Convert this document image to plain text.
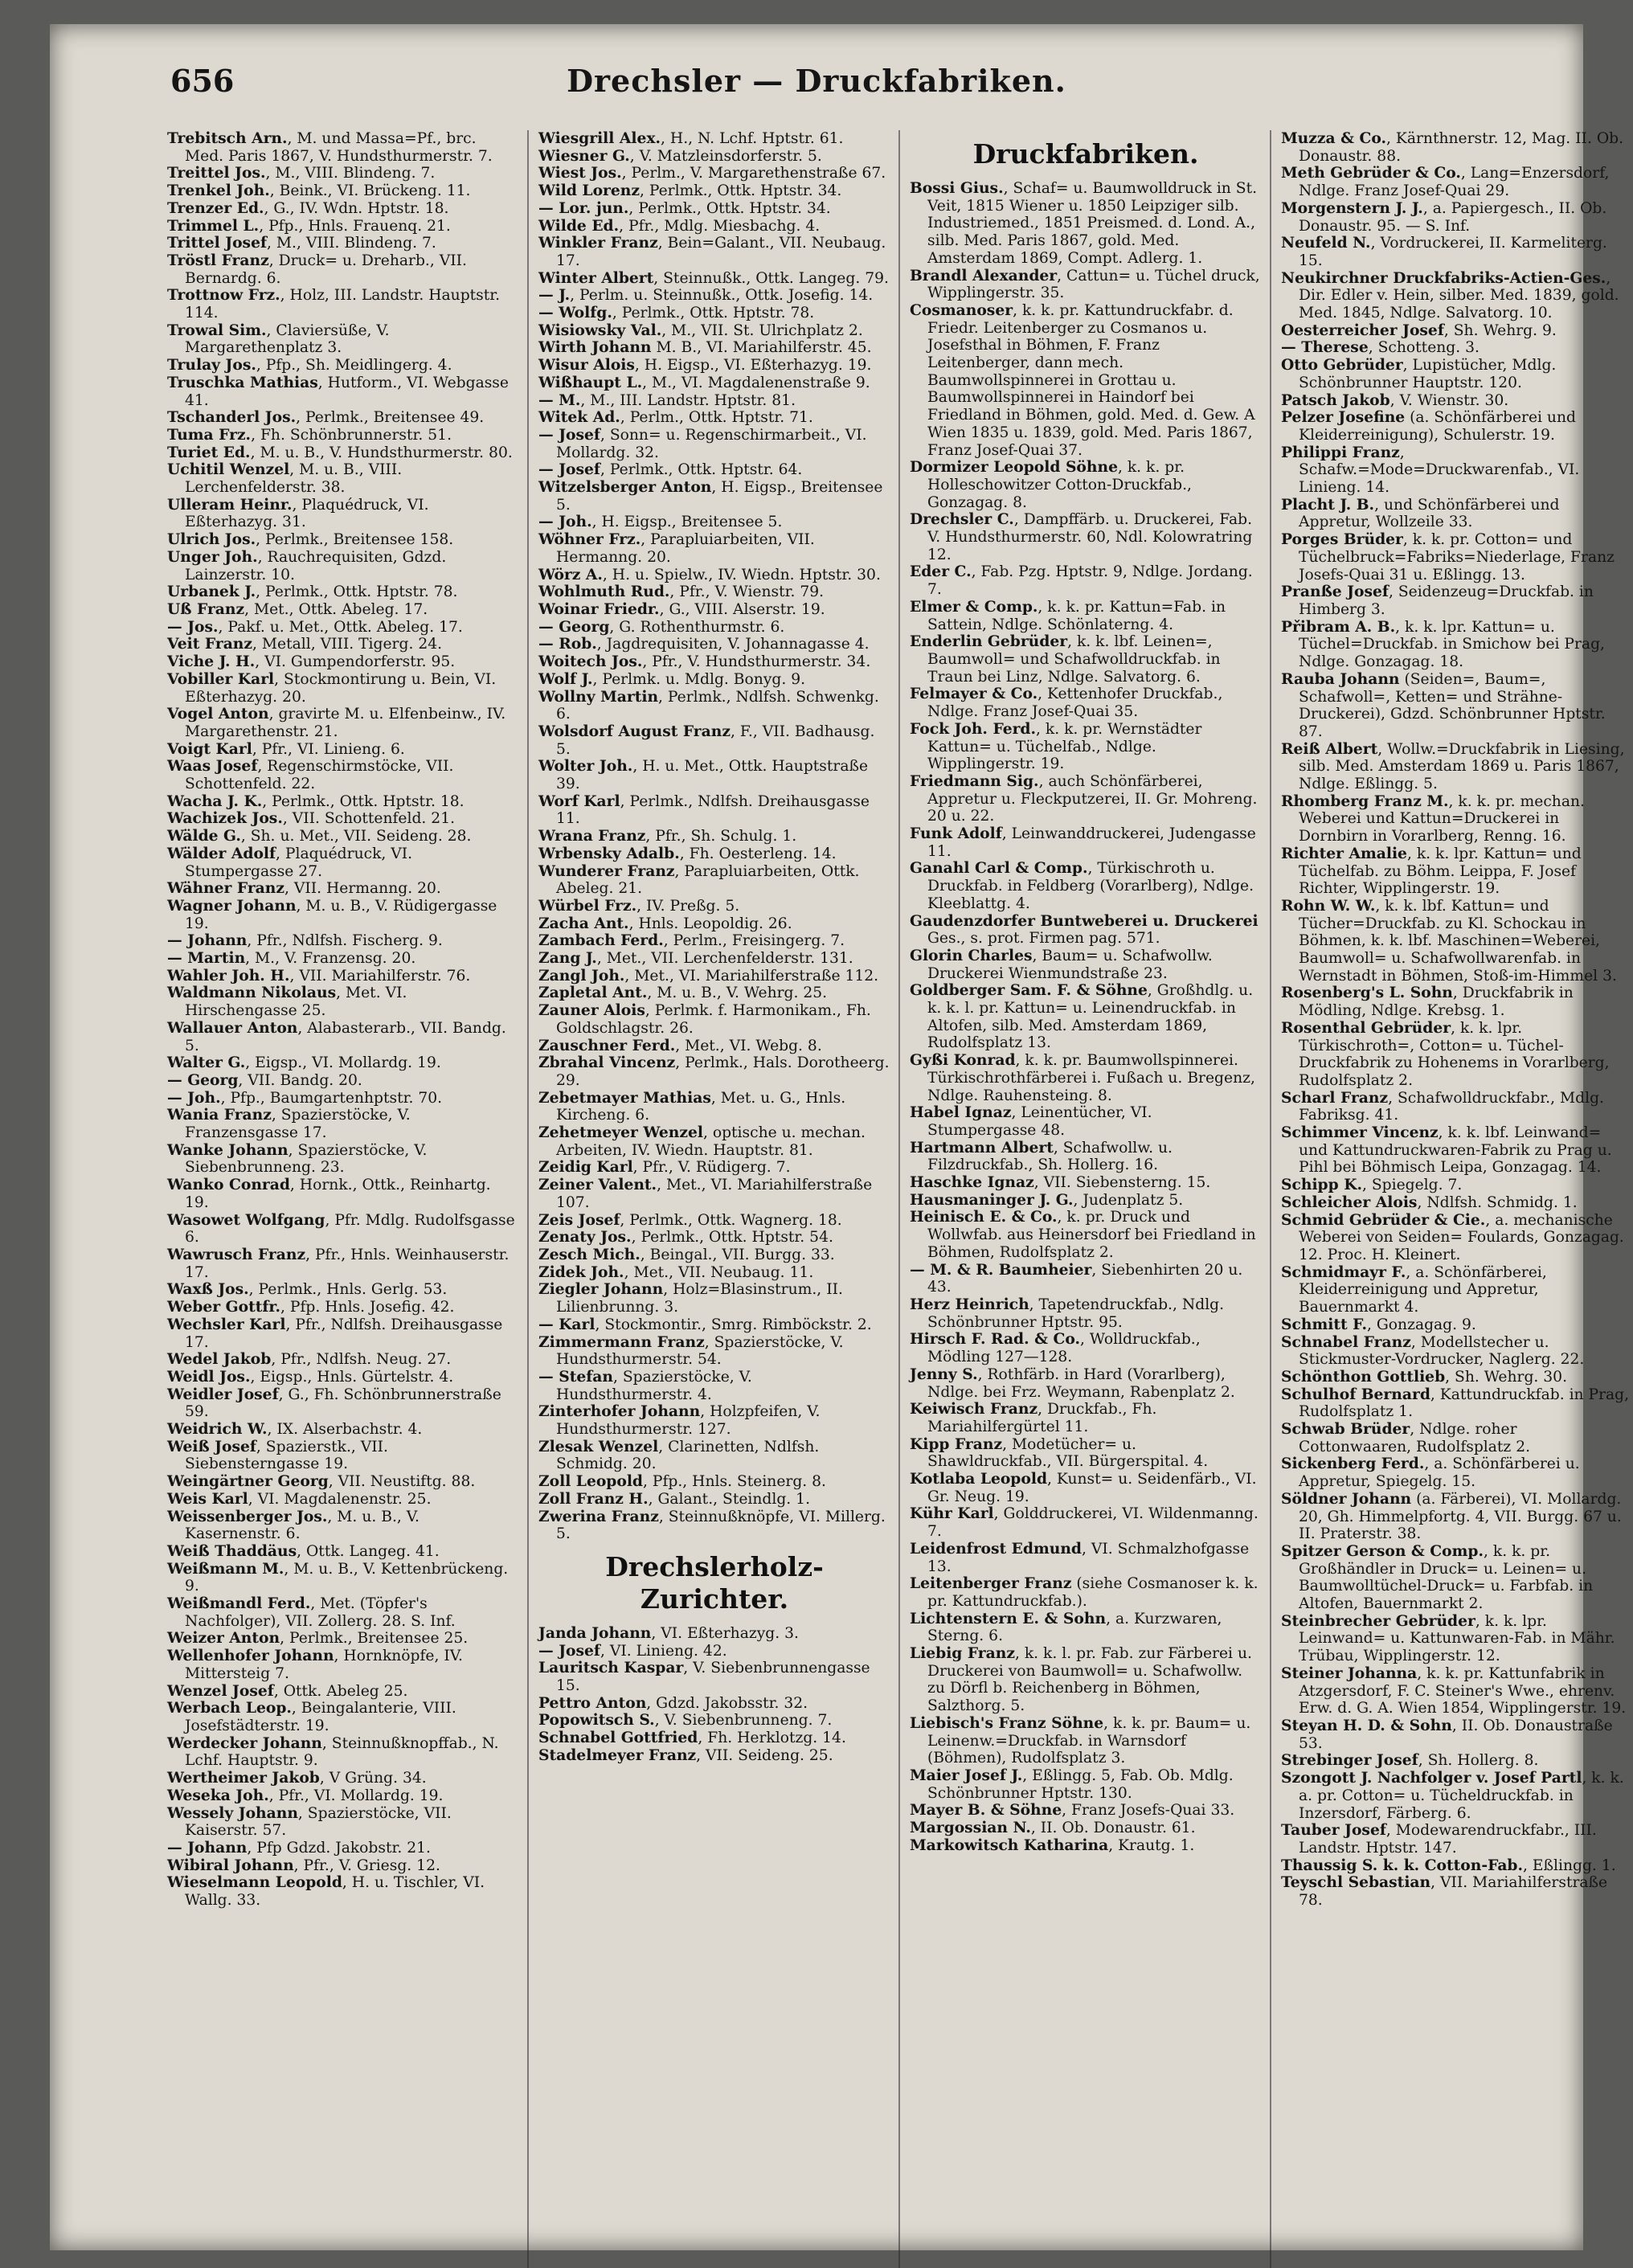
656	Drechsler — Druckfabriken.

Trebitsch Arn., M. und Massa=Pf., brc. Med. Paris 1867, V. Hundsthurmerstr. 7.

Treittel Jos., M., VIII. Blindeng. 7.

Trenkel Joh., Beink., VI. Brückeng. 11.

Trenzer Ed., G., IV. Wdn. Hptstr. 18.

Trimmel L., Pfp., Hnls. Frauenq. 21.

Trittel Josef, M., VIII. Blindeng. 7.

Tröstl Franz, Druck= u. Dreharb., VII. Bernardg. 6.

Trottnow Frz., Holz, III. Landstr. Hauptstr. 114.

Trowal Sim., Claviersüße, V. Margarethenplatz 3.

Trulay Jos., Pfp., Sh. Meidlingerg. 4.

Truschka Mathias, Hutform., VI. Webgasse 41.

Tschanderl Jos., Perlmk., Breitensee 49.

Tuma Frz., Fh. Schönbrunnerstr. 51.

Turiet Ed., M. u. B., V. Hundsthurmerstr. 80.

Uchitil Wenzel, M. u. B., VIII. Lerchenfelderstr. 38.

Ulleram Heinr., Plaquédruck, VI. Eßterhazyg. 31.

Ulrich Jos., Perlmk., Breitensee 158.

Unger Joh., Rauchrequisiten, Gdzd. Lainzerstr. 10.

Urbanek J., Perlmk., Ottk. Hptstr. 78.

Uß Franz, Met., Ottk. Abeleg. 17.

— Jos., Pakf. u. Met., Ottk. Abeleg. 17.

Veit Franz, Metall, VIII. Tigerg. 24.

Viche J. H., VI. Gumpendorferstr. 95.

Vobiller Karl, Stockmontirung u. Bein, VI. Eßterhazyg. 20.

Vogel Anton, gravirte M. u. Elfenbeinw., IV. Margarethenstr. 21.

Voigt Karl, Pfr., VI. Linieng. 6.

Waas Josef, Regenschirmstöcke, VII. Schottenfeld. 22.

Wacha J. K., Perlmk., Ottk. Hptstr. 18.

Wachizek Jos., VII. Schottenfeld. 21.

Wälde G., Sh. u. Met., VII. Seideng. 28.

Wälder Adolf, Plaquédruck, VI. Stumpergasse 27.

Wähner Franz, VII. Hermanng. 20.

Wagner Johann, M. u. B., V. Rüdigergasse 19.

— Johann, Pfr., Ndlfsh. Fischerg. 9.

— Martin, M., V. Franzensg. 20.

Wahler Joh. H., VII. Mariahilferstr. 76.

Waldmann Nikolaus, Met. VI. Hirschengasse 25.

Wallauer Anton, Alabasterarb., VII. Bandg. 5.

Walter G., Eigsp., VI. Mollardg. 19.

— Georg, VII. Bandg. 20.

— Joh., Pfp., Baumgartenhptstr. 70.

Wania Franz, Spazierstöcke, V. Franzensgasse 17.

Wanke Johann, Spazierstöcke, V. Siebenbrunneng. 23.

Wanko Conrad, Hornk., Ottk., Reinhartg. 19.

Wasowet Wolfgang, Pfr. Mdlg. Rudolfsgasse 6.

Wawrusch Franz, Pfr., Hnls. Weinhauserstr. 17.

Waxß Jos., Perlmk., Hnls. Gerlg. 53.

Weber Gottfr., Pfp. Hnls. Josefig. 42.

Wechsler Karl, Pfr., Ndlfsh. Dreihausgasse 17.

Wedel Jakob, Pfr., Ndlfsh. Neug. 27.

Weidl Jos., Eigsp., Hnls. Gürtelstr. 4.

Weidler Josef, G., Fh. Schönbrunnerstraße 59.

Weidrich W., IX. Alserbachstr. 4.

Weiß Josef, Spazierstk., VII. Siebensterngasse 19.

Weingärtner Georg, VII. Neustiftg. 88.

Weis Karl, VI. Magdalenenstr. 25.

Weissenberger Jos., M. u. B., V. Kasernenstr. 6.

Weiß Thaddäus, Ottk. Langeg. 41.

Weißmann M., M. u. B., V. Kettenbrückeng. 9.

Weißmandl Ferd., Met. (Töpfer's Nachfolger), VII. Zollerg. 28. S. Inf.

Weizer Anton, Perlmk., Breitensee 25.

Wellenhofer Johann, Hornknöpfe, IV. Mittersteig 7.

Wenzel Josef, Ottk. Abeleg 25.

Werbach Leop., Beingalanterie, VIII. Josefstädterstr. 19.

Werdecker Johann, Steinnußknopffab., N. Lchf. Hauptstr. 9.

Wertheimer Jakob, V Grüng. 34.

Weseka Joh., Pfr., VI. Mollardg. 19.

Wessely Johann, Spazierstöcke, VII. Kaiserstr. 57.

— Johann, Pfp Gdzd. Jakobstr. 21.

Wibiral Johann, Pfr., V. Griesg. 12.

Wieselmann Leopold, H. u. Tischler, VI. Wallg. 33.

Wiesgrill Alex., H., N. Lchf. Hptstr. 61.

Wiesner G., V. Matzleinsdorferstr. 5.

Wiest Jos., Perlm., V. Margarethenstraße 67.

Wild Lorenz, Perlmk., Ottk. Hptstr. 34.

— Lor. jun., Perlmk., Ottk. Hptstr. 34.

Wilde Ed., Pfr., Mdlg. Miesbachg. 4.

Winkler Franz, Bein=Galant., VII. Neubaug. 17.

Winter Albert, Steinnußk., Ottk. Langeg. 79.

— J., Perlm. u. Steinnußk., Ottk. Josefig. 14.

— Wolfg., Perlmk., Ottk. Hptstr. 78.

Wisiowsky Val., M., VII. St. Ulrichplatz 2.

Wirth Johann M. B., VI. Mariahilferstr. 45.

Wisur Alois, H. Eigsp., VI. Eßterhazyg. 19.

Wißhaupt L., M., VI. Magdalenenstraße 9.

— M., M., III. Landstr. Hptstr. 81.

Witek Ad., Perlm., Ottk. Hptstr. 71.

— Josef, Sonn= u. Regenschirmarbeit., VI. Mollardg. 32.

— Josef, Perlmk., Ottk. Hptstr. 64.

Witzelsberger Anton, H. Eigsp., Breitensee 5.

— Joh., H. Eigsp., Breitensee 5.

Wöhner Frz., Parapluiarbeiten, VII. Hermanng. 20.

Wörz A., H. u. Spielw., IV. Wiedn. Hptstr. 30.

Wohlmuth Rud., Pfr., V. Wienstr. 79.

Woinar Friedr., G., VIII. Alserstr. 19.

— Georg, G. Rothenthurmstr. 6.

— Rob., Jagdrequisiten, V. Johannagasse 4.

Woitech Jos., Pfr., V. Hundsthurmerstr. 34.

Wolf J., Perlmk. u. Mdlg. Bonyg. 9.

Wollny Martin, Perlmk., Ndlfsh. Schwenkg. 6.

Wolsdorf August Franz, F., VII. Badhausg. 5.

Wolter Joh., H. u. Met., Ottk. Hauptstraße 39.

Worf Karl, Perlmk., Ndlfsh. Dreihausgasse 11.

Wrana Franz, Pfr., Sh. Schulg. 1.

Wrbensky Adalb., Fh. Oesterleng. 14.

Wunderer Franz, Parapluiarbeiten, Ottk. Abeleg. 21.

Würbel Frz., IV. Preßg. 5.

Zacha Ant., Hnls. Leopoldig. 26.

Zambach Ferd., Perlm., Freisingerg. 7.

Zang J., Met., VII. Lerchenfelderstr. 131.

Zangl Joh., Met., VI. Mariahilferstraße 112.

Zapletal Ant., M. u. B., V. Wehrg. 25.

Zauner Alois, Perlmk. f. Harmonikam., Fh. Goldschlagstr. 26.

Zauschner Ferd., Met., VI. Webg. 8.

Zbrahal Vincenz, Perlmk., Hals. Dorotheerg. 29.

Zebetmayer Mathias, Met. u. G., Hnls. Kircheng. 6.

Zehetmeyer Wenzel, optische u. mechan. Arbeiten, IV. Wiedn. Hauptstr. 81.

Zeidig Karl, Pfr., V. Rüdigerg. 7.

Zeiner Valent., Met., VI. Mariahilferstraße 107.

Zeis Josef, Perlmk., Ottk. Wagnerg. 18.

Zenaty Jos., Perlmk., Ottk. Hptstr. 54.

Zesch Mich., Beingal., VII. Burgg. 33.

Zidek Joh., Met., VII. Neubaug. 11.

Ziegler Johann, Holz=Blasinstrum., II. Lilienbrunng. 3.

— Karl, Stockmontir., Smrg. Rimböckstr. 2.

Zimmermann Franz, Spazierstöcke, V. Hundsthurmerstr. 54.

— Stefan, Spazierstöcke, V. Hundsthurmerstr. 4.

Zinterhofer Johann, Holzpfeifen, V. Hundsthurmerstr. 127.

Zlesak Wenzel, Clarinetten, Ndlfsh. Schmidg. 20.

Zoll Leopold, Pfp., Hnls. Steinerg. 8.

Zoll Franz H., Galant., Steindlg. 1.

Zwerina Franz, Steinnußknöpfe, VI. Millerg. 5.

Drechslerholz-Zurichter.

Janda Johann, VI. Eßterhazyg. 3.

— Josef, VI. Linieng. 42.

Lauritsch Kaspar, V. Siebenbrunnengasse 15.

Pettro Anton, Gdzd. Jakobsstr. 32.

Popowitsch S., V. Siebenbrunneng. 7.

Schnabel Gottfried, Fh. Herklotzg. 14.

Stadelmeyer Franz, VII. Seideng. 25.

Druckfabriken.

Bossi Gius., Schaf= u. Baumwolldruck in St. Veit, 1815 Wiener u. 1850 Leipziger silb. Industriemed., 1851 Preismed. d. Lond. A., silb. Med. Paris 1867, gold. Med. Amsterdam 1869, Compt. Adlerg. 1.

Brandl Alexander, Cattun= u. Tüchel druck, Wipplingerstr. 35.

Cosmanoser, k. k. pr. Kattundruckfabr. d. Friedr. Leitenberger zu Cosmanos u. Josefsthal in Böhmen, F. Franz Leitenberger, dann mech. Baumwollspinnerei in Grottau u. Baumwollspinnerei in Haindorf bei Friedland in Böhmen, gold. Med. d. Gew. A Wien 1835 u. 1839, gold. Med. Paris 1867, Franz Josef-Quai 37.

Dormizer Leopold Söhne, k. k. pr. Holleschowitzer Cotton-Druckfab., Gonzagag. 8.

Drechsler C., Dampffärb. u. Druckerei, Fab. V. Hundsthurmerstr. 60, Ndl. Kolowratring 12.

Eder C., Fab. Pzg. Hptstr. 9, Ndlge. Jordang. 7.

Elmer & Comp., k. k. pr. Kattun=Fab. in Sattein, Ndlge. Schönlaterng. 4.

Enderlin Gebrüder, k. k. lbf. Leinen=, Baumwoll= und Schafwolldruckfab. in Traun bei Linz, Ndlge. Salvatorg. 6.

Felmayer & Co., Kettenhofer Druckfab., Ndlge. Franz Josef-Quai 35.

Fock Joh. Ferd., k. k. pr. Wernstädter Kattun= u. Tüchelfab., Ndlge. Wipplingerstr. 19.

Friedmann Sig., auch Schönfärberei, Appretur u. Fleckputzerei, II. Gr. Mohreng. 20 u. 22.

Funk Adolf, Leinwanddruckerei, Judengasse 11.

Ganahl Carl & Comp., Türkischroth u. Druckfab. in Feldberg (Vorarlberg), Ndlge. Kleeblattg. 4.

Gaudenzdorfer Buntweberei u. Druckerei Ges., s. prot. Firmen pag. 571.

Glorin Charles, Baum= u. Schafwollw. Druckerei Wienmundstraße 23.

Goldberger Sam. F. & Söhne, Großhdlg. u. k. k. l. pr. Kattun= u. Leinendruckfab. in Altofen, silb. Med. Amsterdam 1869, Rudolfsplatz 13.

Gyßi Konrad, k. k. pr. Baumwollspinnerei. Türkischrothfärberei i. Fußach u. Bregenz, Ndlge. Rauhensteing. 8.

Habel Ignaz, Leinentücher, VI. Stumpergasse 48.

Hartmann Albert, Schafwollw. u. Filzdruckfab., Sh. Hollerg. 16.

Haschke Ignaz, VII. Siebensterng. 15.

Hausmaninger J. G., Judenplatz 5.

Heinisch E. & Co., k. pr. Druck und Wollwfab. aus Heinersdorf bei Friedland in Böhmen, Rudolfsplatz 2.

— M. & R. Baumheier, Siebenhirten 20 u. 43.

Herz Heinrich, Tapetendruckfab., Ndlg. Schönbrunner Hptstr. 95.

Hirsch F. Rad. & Co., Wolldruckfab., Mödling 127—128.

Jenny S., Rothfärb. in Hard (Vorarlberg), Ndlge. bei Frz. Weymann, Rabenplatz 2.

Keiwisch Franz, Druckfab., Fh. Mariahilfergürtel 11.

Kipp Franz, Modetücher= u. Shawldruckfab., VII. Bürgerspital. 4.

Kotlaba Leopold, Kunst= u. Seidenfärb., VI. Gr. Neug. 19.

Kühr Karl, Golddruckerei, VI. Wildenmanng. 7.

Leidenfrost Edmund, VI. Schmalzhofgasse 13.

Leitenberger Franz (siehe Cosmanoser k. k. pr. Kattundruckfab.).

Lichtenstern E. & Sohn, a. Kurzwaren, Sterng. 6.

Liebig Franz, k. k. l. pr. Fab. zur Färberei u. Druckerei von Baumwoll= u. Schafwollw. zu Dörfl b. Reichenberg in Böhmen, Salzthorg. 5.

Liebisch's Franz Söhne, k. k. pr. Baum= u. Leinenw.=Druckfab. in Warnsdorf (Böhmen), Rudolfsplatz 3.

Maier Josef J., Eßlingg. 5, Fab. Ob. Mdlg. Schönbrunner Hptstr. 130.

Mayer B. & Söhne, Franz Josefs-Quai 33.

Margossian N., II. Ob. Donaustr. 61.

Markowitsch Katharina, Krautg. 1.

Muzza & Co., Kärnthnerstr. 12, Mag. II. Ob. Donaustr. 88.

Meth Gebrüder & Co., Lang=Enzersdorf, Ndlge. Franz Josef-Quai 29.

Morgenstern J. J., a. Papiergesch., II. Ob. Donaustr. 95. — S. Inf.

Neufeld N., Vordruckerei, II. Karmeliterg. 15.

Neukirchner Druckfabriks-Actien-Ges., Dir. Edler v. Hein, silber. Med. 1839, gold. Med. 1845, Ndlge. Salvatorg. 10.

Oesterreicher Josef, Sh. Wehrg. 9.

— Therese, Schotteng. 3.

Otto Gebrüder, Lupistücher, Mdlg. Schönbrunner Hauptstr. 120.

Patsch Jakob, V. Wienstr. 30.

Pelzer Josefine (a. Schönfärberei und Kleiderreinigung), Schulerstr. 19.

Philippi Franz, Schafw.=Mode=Druckwarenfab., VI. Linieng. 14.

Placht J. B., und Schönfärberei und Appretur, Wollzeile 33.

Porges Brüder, k. k. pr. Cotton= und Tüchelbruck=Fabriks=Niederlage, Franz Josefs-Quai 31 u. Eßlingg. 13.

Pranße Josef, Seidenzeug=Druckfab. in Himberg 3.

Přibram A. B., k. k. lpr. Kattun= u. Tüchel=Druckfab. in Smichow bei Prag, Ndlge. Gonzagag. 18.

Rauba Johann (Seiden=, Baum=, Schafwoll=, Ketten= und Strähne-Druckerei), Gdzd. Schönbrunner Hptstr. 87.

Reiß Albert, Wollw.=Druckfabrik in Liesing, silb. Med. Amsterdam 1869 u. Paris 1867, Ndlge. Eßlingg. 5.

Rhomberg Franz M., k. k. pr. mechan. Weberei und Kattun=Druckerei in Dornbirn in Vorarlberg, Renng. 16.

Richter Amalie, k. k. lpr. Kattun= und Tüchelfab. zu Böhm. Leippa, F. Josef Richter, Wipplingerstr. 19.

Rohn W. W., k. k. lbf. Kattun= und Tücher=Druckfab. zu Kl. Schockau in Böhmen, k. k. lbf. Maschinen=Weberei, Baumwoll= u. Schafwollwarenfab. in Wernstadt in Böhmen, Stoß-im-Himmel 3.

Rosenberg's L. Sohn, Druckfabrik in Mödling, Ndlge. Krebsg. 1.

Rosenthal Gebrüder, k. k. lpr. Türkischroth=, Cotton= u. Tüchel-Druckfabrik zu Hohenems in Vorarlberg, Rudolfsplatz 2.

Scharl Franz, Schafwolldruckfabr., Mdlg. Fabriksg. 41.

Schimmer Vincenz, k. k. lbf. Leinwand= und Kattundruckwaren-Fabrik zu Prag u. Pihl bei Böhmisch Leipa, Gonzagag. 14.

Schipp K., Spiegelg. 7.

Schleicher Alois, Ndlfsh. Schmidg. 1.

Schmid Gebrüder & Cie., a. mechanische Weberei von Seiden= Foulards, Gonzagag. 12. Proc. H. Kleinert.

Schmidmayr F., a. Schönfärberei, Kleiderreinigung und Appretur, Bauernmarkt 4.

Schmitt F., Gonzagag. 9.

Schnabel Franz, Modellstecher u. Stickmuster-Vordrucker, Naglerg. 22.

Schönthon Gottlieb, Sh. Wehrg. 30.

Schulhof Bernard, Kattundruckfab. in Prag, Rudolfsplatz 1.

Schwab Brüder, Ndlge. roher Cottonwaaren, Rudolfsplatz 2.

Sickenberg Ferd., a. Schönfärberei u. Appretur, Spiegelg. 15.

Söldner Johann (a. Färberei), VI. Mollardg. 20, Gh. Himmelpfortg. 4, VII. Burgg. 67 u. II. Praterstr. 38.

Spitzer Gerson & Comp., k. k. pr. Großhändler in Druck= u. Leinen= u. Baumwolltüchel-Druck= u. Farbfab. in Altofen, Bauernmarkt 2.

Steinbrecher Gebrüder, k. k. lpr. Leinwand= u. Kattunwaren-Fab. in Mähr. Trübau, Wipplingerstr. 12.

Steiner Johanna, k. k. pr. Kattunfabrik in Atzgersdorf, F. C. Steiner's Wwe., ehrenv. Erw. d. G. A. Wien 1854, Wipplingerstr. 19.

Steyan H. D. & Sohn, II. Ob. Donaustraße 53.

Strebinger Josef, Sh. Hollerg. 8.

Szongott J. Nachfolger v. Josef Partl, k. k. a. pr. Cotton= u. Tücheldruckfab. in Inzersdorf, Färberg. 6.

Tauber Josef, Modewarendruckfabr., III. Landstr. Hptstr. 147.

Thaussig S. k. k. Cotton-Fab., Eßlingg. 1.

Teyschl Sebastian, VII. Mariahilferstraße 78.
